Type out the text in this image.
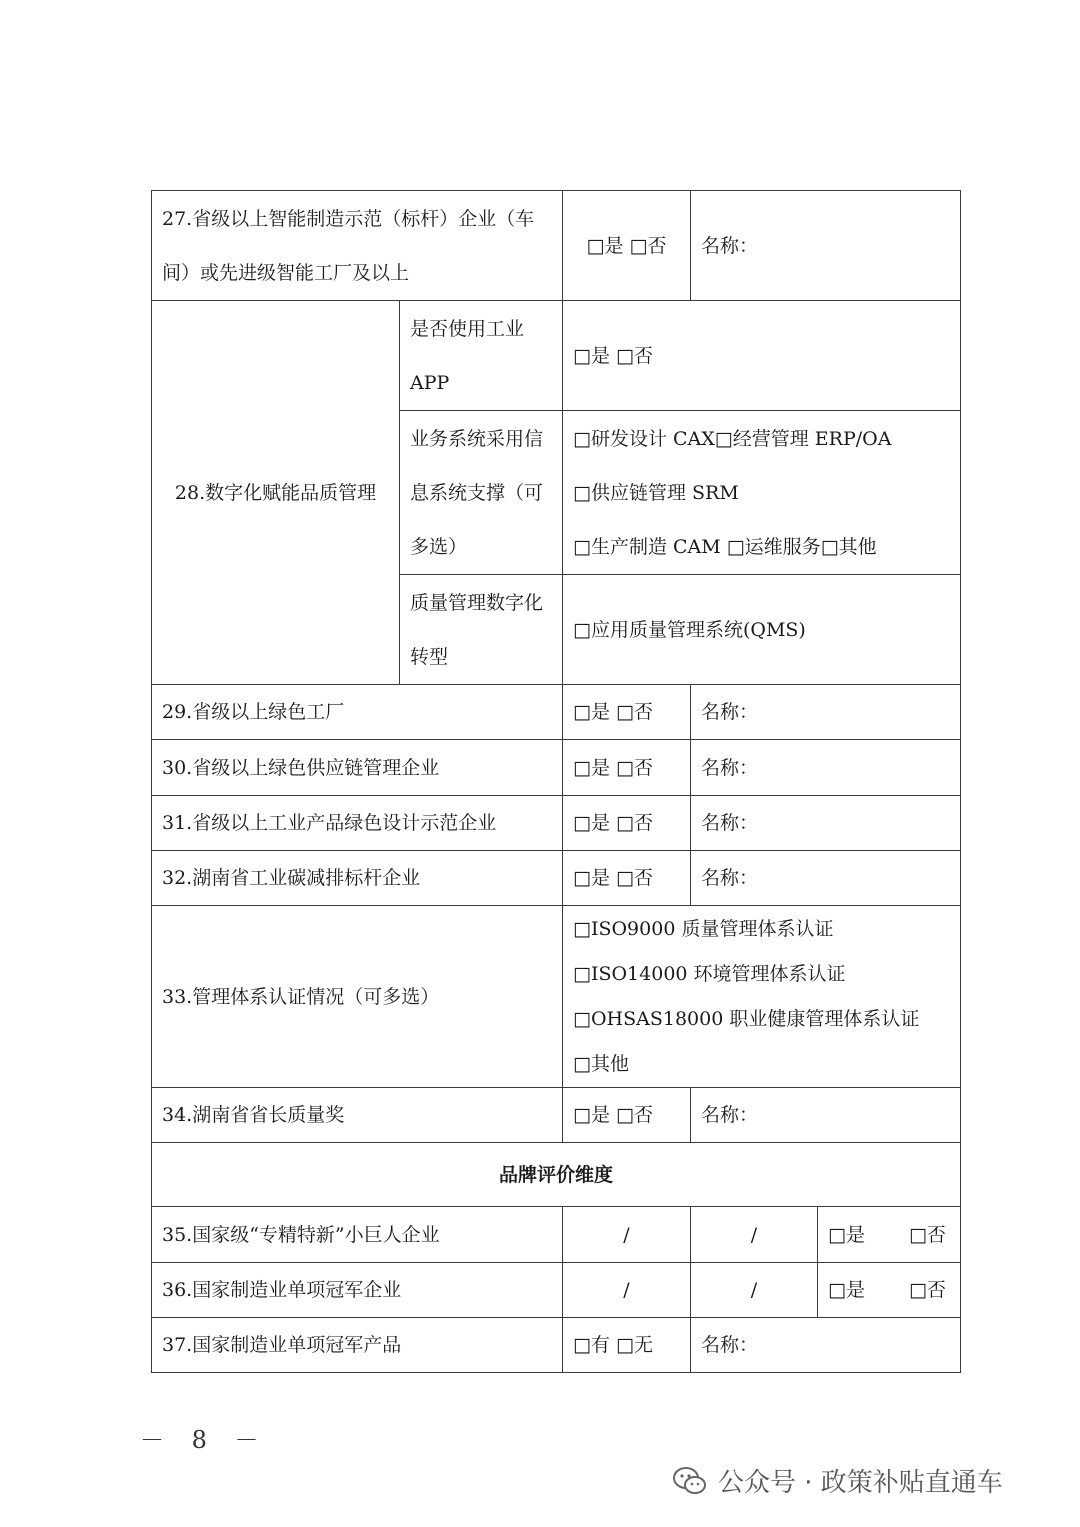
27.省级以上智能制造示范（标杆）企业（车
间）或先进级智能工厂及以上
	□是 □否	名称：
28.数字化赋能品质管理	是否使用工业
APP	□是 □否

	业务系统采用信
息系统支撑（可
多选）	□研发设计 CAX□经营管理 ERP/OA
□供应链管理 SRM
□生产制造 CAM □运维服务□其他

	质量管理数字化
转型	□应用质量管理系统(QMS)
29.省级以上绿色工厂	□是 □否	名称：
30.省级以上绿色供应链管理企业	□是 □否	名称：
31.省级以上工业产品绿色设计示范企业	□是 □否	名称：
32.湖南省工业碳减排标杆企业	□是 □否	名称：
33.管理体系认证情况（可多选）	□ISO9000 质量管理体系认证
□ISO14000 环境管理体系认证
□OHSAS18000 职业健康管理体系认证
□其他	

34.湖南省省长质量奖	□是 □否	名称：
品牌评价维度		
35.国家级“专精特新”小巨人企业	/	/	□是 □否
36.国家制造业单项冠军企业	/	/	□是 □否
37.国家制造业单项冠军产品	□有 □无	名称：	
－ 8 －
公众号 · 政策补贴直通车
